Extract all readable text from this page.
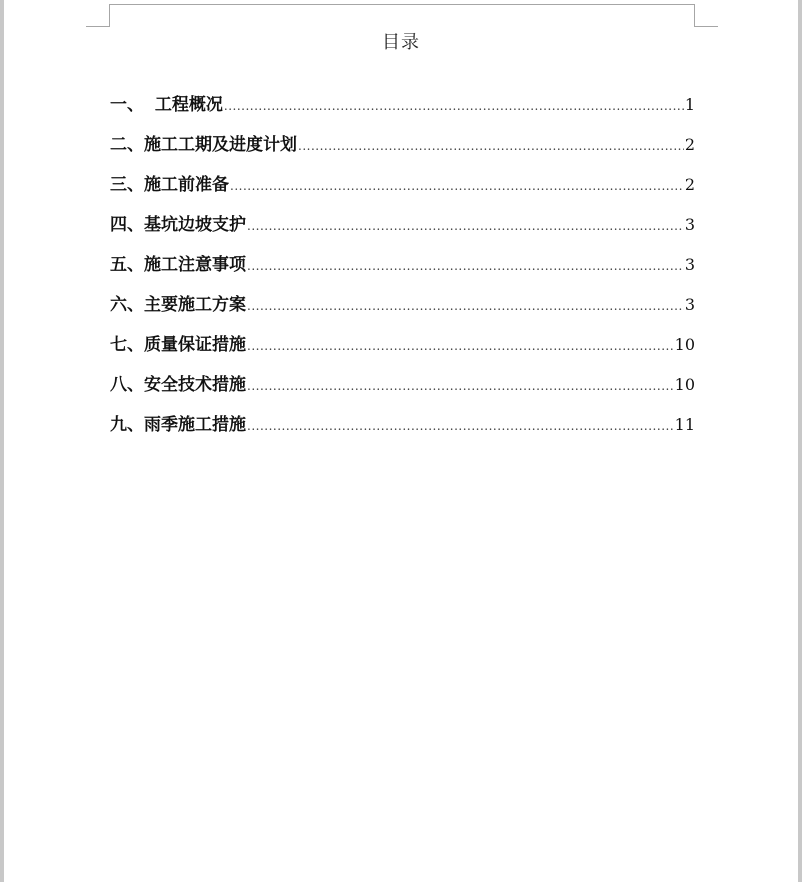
目录
一、 工程概况 .....	1
二、 施工工期及进度计划 .....	2
三、 施工前准备 .....	2
四、 基坑边坡支护 .....	3
五、 施工注意事项 .....	3
六、 主要施工方案 .....	3
七、 质量保证措施 .....	10
八、 安全技术措施 .....	10
九、 雨季施工措施 .....	11
